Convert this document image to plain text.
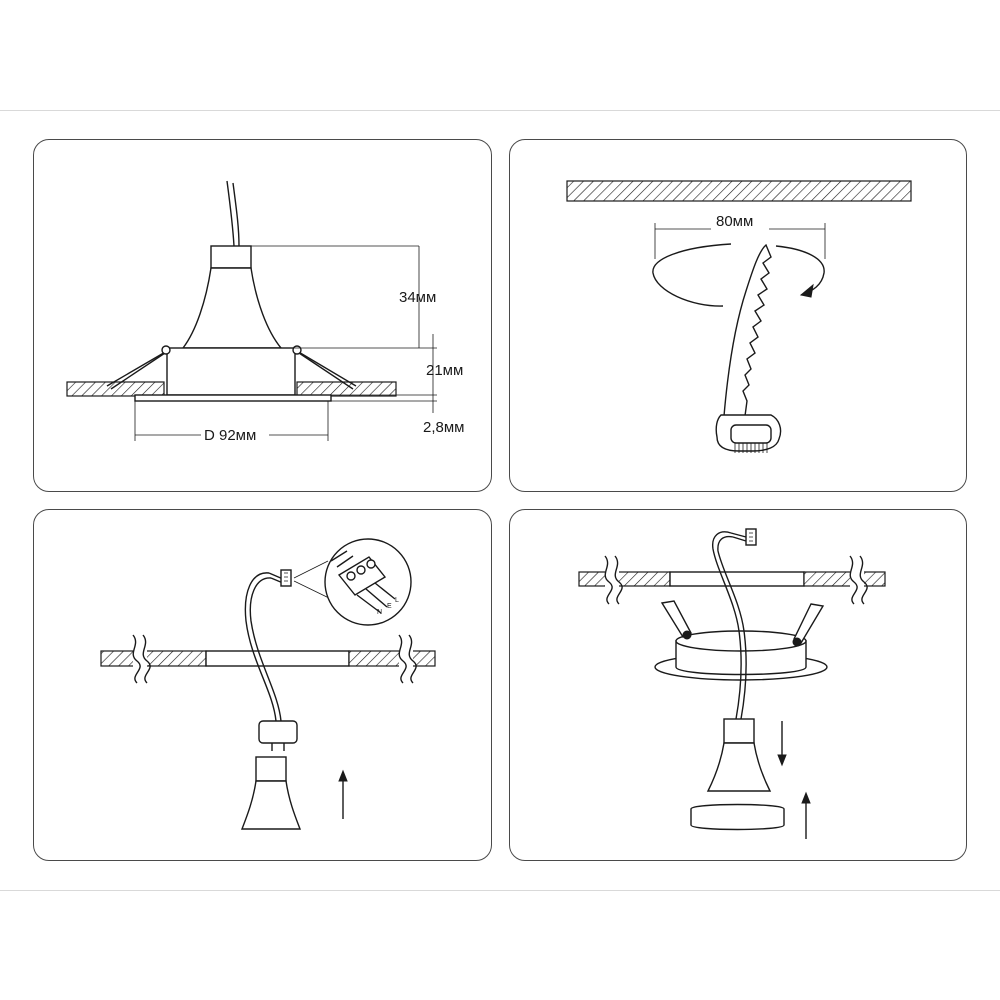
34мм
21мм
2,8мм
D 92мм
80мм
L
E
N
